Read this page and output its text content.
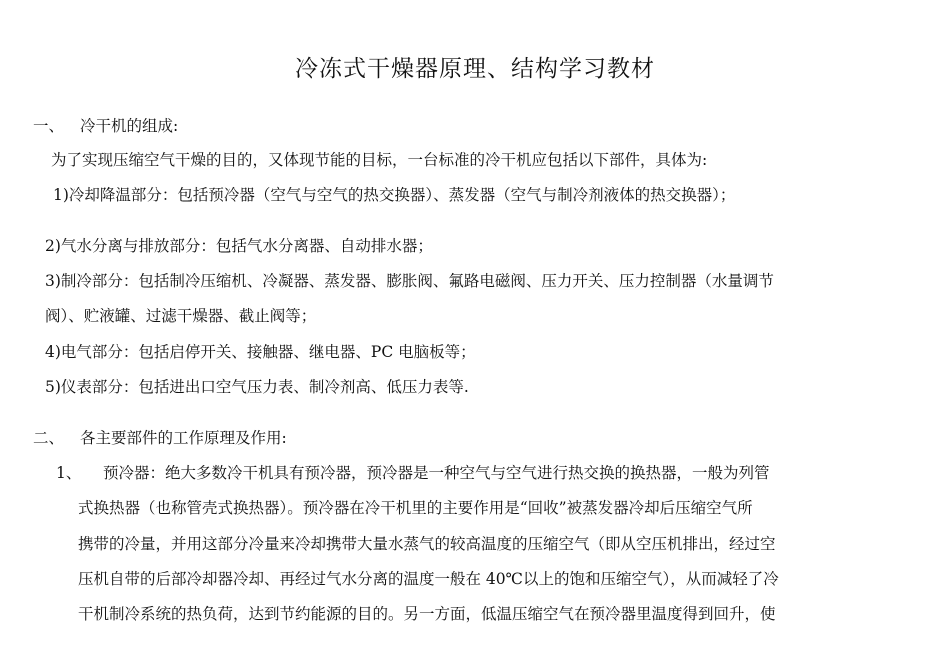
冷冻式干燥器原理、结构学习教材
一、 冷干机的组成:
为了实现压缩空气干燥的目的，又体现节能的目标，一台标准的冷干机应包括以下部件，具体为:
1)冷却降温部分：包括预冷器（空气与空气的热交换器）、蒸发器（空气与制冷剂液体的热交换器）；
2)气水分离与排放部分：包括气水分离器、自动排水器；
3)制冷部分：包括制冷压缩机、冷凝器、蒸发器、膨胀阀、氟路电磁阀、压力开关、压力控制器（水量调节
阀）、贮液罐、过滤干燥器、截止阀等；
4)电气部分：包括启停开关、接触器、继电器、PC 电脑板等；
5)仪表部分：包括进出口空气压力表、制冷剂高、低压力表等.
二、 各主要部件的工作原理及作用:
1、 预冷器：绝大多数冷干机具有预冷器，预冷器是一种空气与空气进行热交换的换热器，一般为列管
式换热器（也称管壳式换热器）。预冷器在冷干机里的主要作用是“回收”被蒸发器冷却后压缩空气所
携带的冷量，并用这部分冷量来冷却携带大量水蒸气的较高温度的压缩空气（即从空压机排出，经过空
压机自带的后部冷却器冷却、再经过气水分离的温度一般在 40℃以上的饱和压缩空气），从而减轻了冷
干机制冷系统的热负荷，达到节约能源的目的。另一方面，低温压缩空气在预冷器里温度得到回升，使
